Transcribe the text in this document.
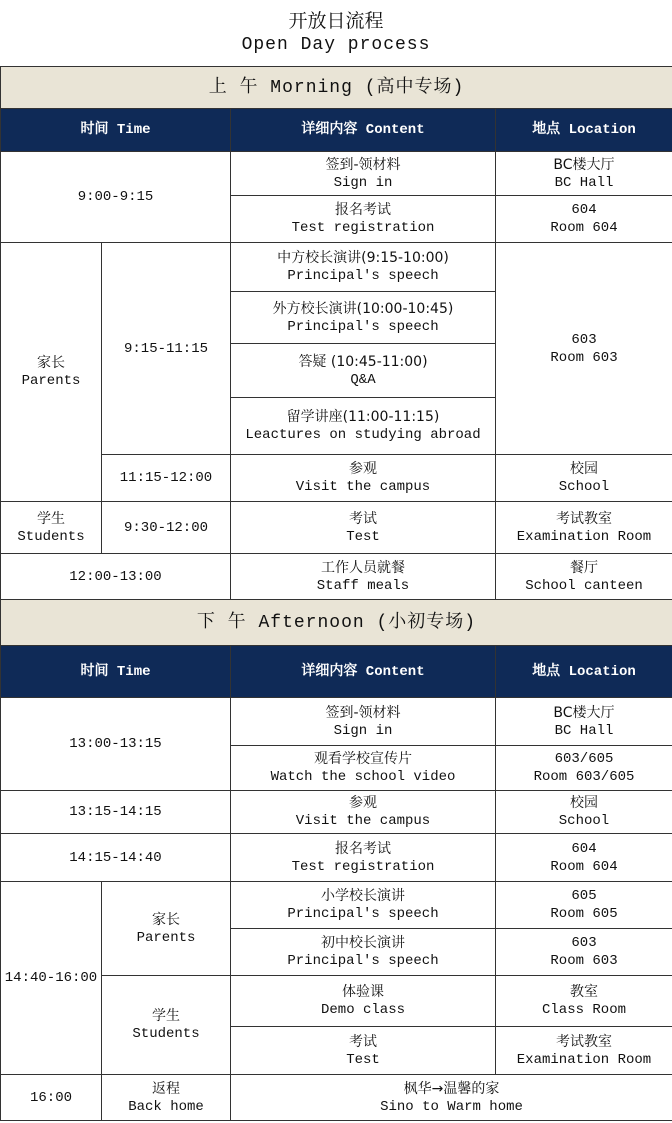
开放日流程
Open Day process
上 午 Morning (高中专场)			
时间 Time		详细内容 Content	地点 Location
9:00-9:15		签到-领材料
Sign in	BC楼大厅
BC Hall

		报名考试
Test registration	604
Room 604

家长
Parents	9:15-11:15	中方校长演讲(9:15-10:00)
Principal's speech	603
Room 603

		外方校长演讲(10:00-10:45)
Principal's speech	

		答疑 (10:45-11:00)
Q&A	

		留学讲座(11:00-11:15)
Leactures on studying abroad	

	11:15-12:00	参观
Visit the campus	校园
School

学生
Students	9:30-12:00	考试
Test	考试教室
Examination Room

12:00-13:00		工作人员就餐
Staff meals	餐厅
School canteen

下 午 Afternoon (小初专场)			
时间 Time		详细内容 Content	地点 Location
13:00-13:15		签到-领材料
Sign in	BC楼大厅
BC Hall

		观看学校宣传片
Watch the school video	603/605
Room 603/605

13:15-14:15		参观
Visit the campus	校园
School

14:15-14:40		报名考试
Test registration	604
Room 604

14:40-16:00	家长
Parents	小学校长演讲
Principal's speech	605
Room 605

		初中校长演讲
Principal's speech	603
Room 603

	学生
Students	体验课
Demo class	教室
Class Room

		考试
Test	考试教室
Examination Room

16:00	返程
Back home	枫华→温馨的家
Sino to Warm home	
